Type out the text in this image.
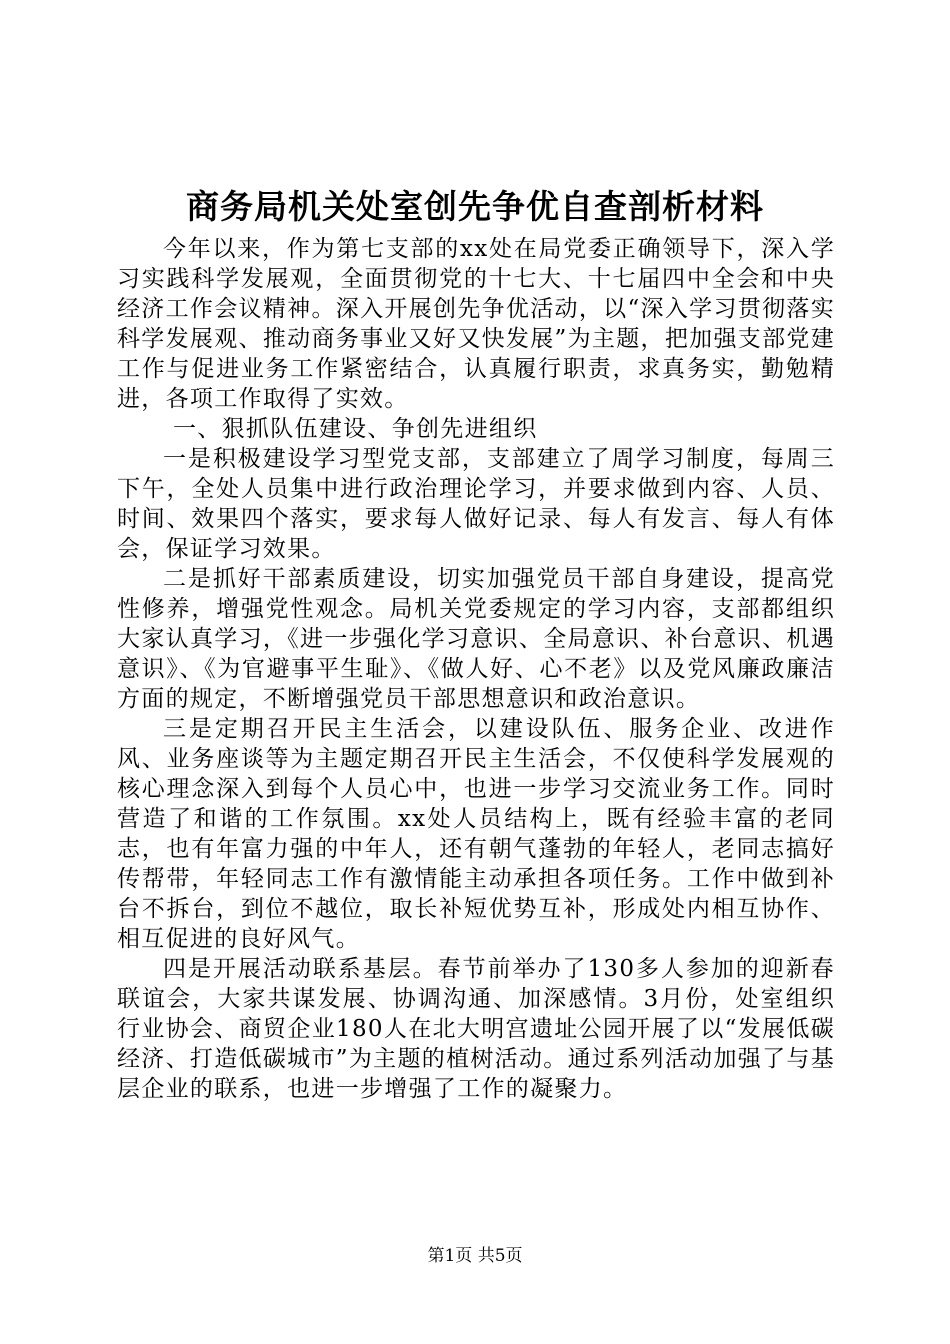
商务局机关处室创先争优自查剖析材料

今年以来，作为第七支部的xx处在局党委正确领导下，深入学习实践科学发展观，全面贯彻党的十七大、十七届四中全会和中央经济工作会议精神。深入开展创先争优活动，以“深入学习贯彻落实科学发展观、推动商务事业又好又快发展”为主题，把加强支部党建工作与促进业务工作紧密结合，认真履行职责，求真务实，勤勉精进，各项工作取得了实效。

一、狠抓队伍建设、争创先进组织

一是积极建设学习型党支部，支部建立了周学习制度，每周三下午，全处人员集中进行政治理论学习，并要求做到内容、人员、时间、效果四个落实，要求每人做好记录、每人有发言、每人有体会，保证学习效果。

二是抓好干部素质建设，切实加强党员干部自身建设，提高党性修养，增强党性观念。局机关党委规定的学习内容，支部都组织大家认真学习，《进一步强化学习意识、全局意识、补台意识、机遇意识》、《为官避事平生耻》、《做人好、心不老》以及党风廉政廉洁方面的规定，不断增强党员干部思想意识和政治意识。

三是定期召开民主生活会，以建设队伍、服务企业、改进作风、业务座谈等为主题定期召开民主生活会，不仅使科学发展观的核心理念深入到每个人员心中，也进一步学习交流业务工作。同时营造了和谐的工作氛围。xx处人员结构上，既有经验丰富的老同志，也有年富力强的中年人，还有朝气蓬勃的年轻人，老同志搞好传帮带，年轻同志工作有激情能主动承担各项任务。工作中做到补台不拆台，到位不越位，取长补短优势互补，形成处内相互协作、相互促进的良好风气。

四是开展活动联系基层。春节前举办了130多人参加的迎新春联谊会，大家共谋发展、协调沟通、加深感情。3月份，处室组织行业协会、商贸企业180人在北大明宫遗址公园开展了以“发展低碳经济、打造低碳城市”为主题的植树活动。通过系列活动加强了与基层企业的联系，也进一步增强了工作的凝聚力。

第1页 共5页
